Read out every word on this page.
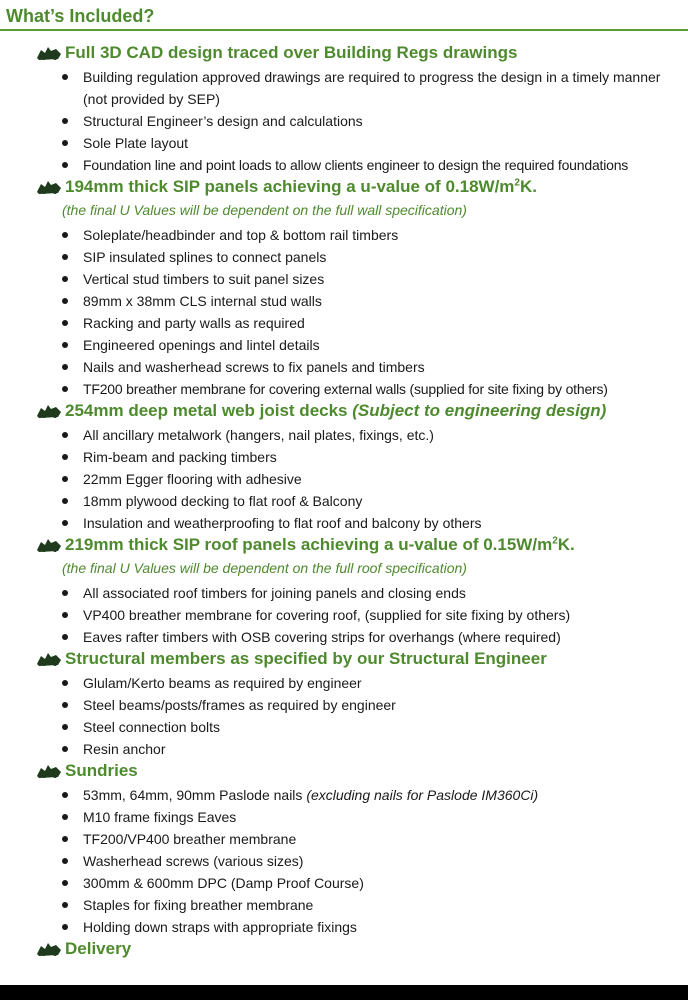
What’s Included?
Full 3D CAD design traced over Building Regs drawings
Building regulation approved drawings are required to progress the design in a timely manner (not provided by SEP)
Structural Engineer’s design and calculations
Sole Plate layout
Foundation line and point loads to allow clients engineer to design the required foundations
194mm thick SIP panels achieving a u-value of $0.18W/m^2K$.
(the final U Values will be dependent on the full wall specification)
Soleplate/headbinder and top & bottom rail timbers
SIP insulated splines to connect panels
Vertical stud timbers to suit panel sizes
89mm x 38mm CLS internal stud walls
Racking and party walls as required
Engineered openings and lintel details
Nails and washerhead screws to fix panels and timbers
TF200 breather membrane for covering external walls (supplied for site fixing by others)
254mm deep metal web joist decks (Subject to engineering design)
All ancillary metalwork (hangers, nail plates, fixings, etc.)
Rim-beam and packing timbers
22mm Egger flooring with adhesive
18mm plywood decking to flat roof & Balcony
Insulation and weatherproofing to flat roof and balcony by others
219mm thick SIP roof panels achieving a u-value of $0.15W/m^2K$.
(the final U Values will be dependent on the full roof specification)
All associated roof timbers for joining panels and closing ends
VP400 breather membrane for covering roof, (supplied for site fixing by others)
Eaves rafter timbers with OSB covering strips for overhangs (where required)
Structural members as specified by our Structural Engineer
Glulam/Kerto beams as required by engineer
Steel beams/posts/frames as required by engineer
Steel connection bolts
Resin anchor
Sundries
53mm, 64mm, 90mm Paslode nails (excluding nails for Paslode IM360Ci)
M10 frame fixings Eaves
TF200/VP400 breather membrane
Washerhead screws (various sizes)
300mm & 600mm DPC (Damp Proof Course)
Staples for fixing breather membrane
Holding down straps with appropriate fixings
Delivery
